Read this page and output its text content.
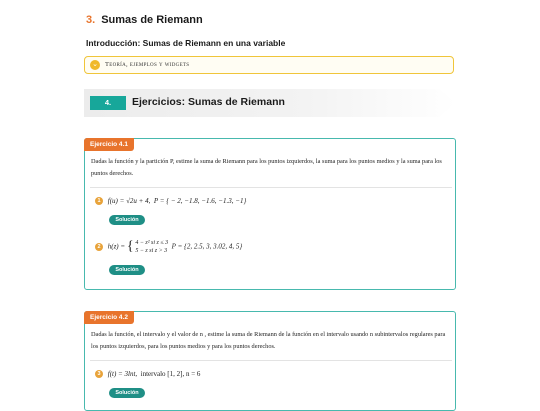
3. Sumas de Riemann
Introducción: Sumas de Riemann en una variable
⌄	Teoría, ejemplos y widgets
4.	Ejercicios: Sumas de Riemann
Ejercicio 4.1
Dadas la función y la partición P, estime la suma de Riemann para los puntos izquierdos, la suma para los puntos medios y la suma para los puntos derechos.
1 f(u) = √2u + 4, P = { − 2, −1.8, −1.6, −1.3, −1}
Solución
2 h(z) = { 4 − z² si z ≤ 3
5 − z si z > 3  P = {2, 2.5, 3, 3.02, 4, 5}
Solución
Ejercicio 4.2
Dadas la función, el intervalo y el valor de n , estime la suma de Riemann de la función en el intervalo usando n subintervalos regulares para los puntos izquierdos, para los puntos medios y para los puntos derechos.
3 f(t) = 3lnt, intervalo [1, 2], n = 6
Solución
